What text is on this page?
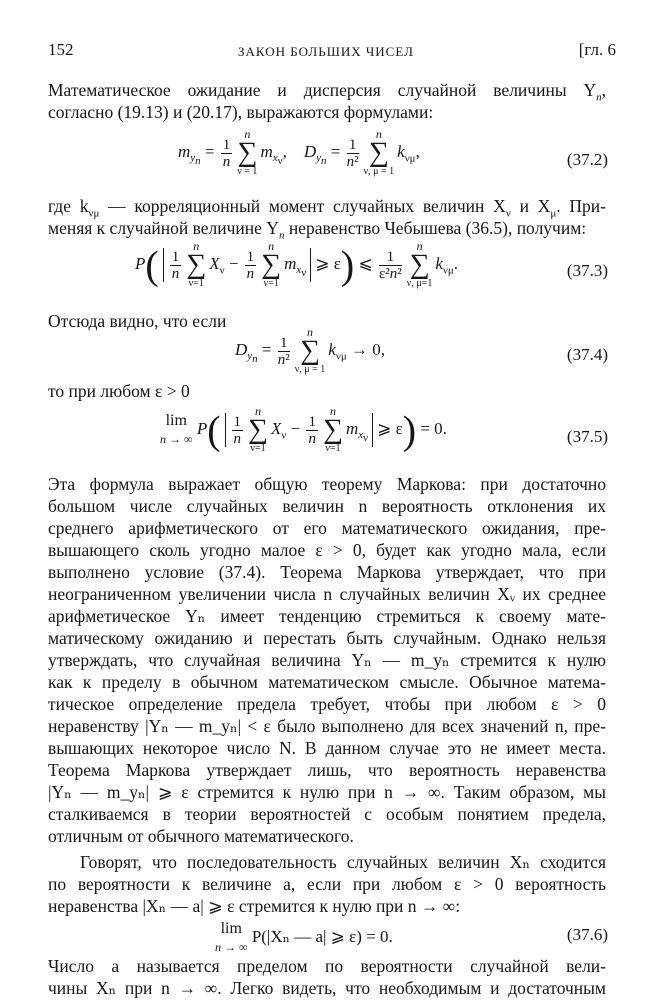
152	ЗАКОН БОЛЬШИХ ЧИСЕЛ	[гл. 6
Математическое ожидание и дисперсия случайной величины $Y_n$,
согласно (19.13) и (20.17), выражаются формулами:
$m_{y_n} = \frac{1}{n}$
n
∑
ν = 1
$m_{x_\nu}$,    $D_{y_n} = \frac{1}{\text{n²}}$
n
∑
ν, μ = 1
$k_{\nu\mu}$,	(37.2)
где $k_{\nu\mu}$ — корреляционный момент случайных величин $X_\nu$ и $X_\mu$. При-
меняя к случайной величине $Y_n$ неравенство Чебышева (36.5), получим:
$P( \frac{1}{n}$
n
∑
ν=1
$X_\nu - \frac{1}{n}$
n
∑
ν=1
$m_{x_\nu}⩾$ ε) ⩽ $\frac{1}{\text{ε²n²}}$
n
∑
ν, μ=1
$k_{\nu\mu}$.	(37.3)
Отсюда видно, что если
$D_{y_n} = \frac{1}{\text{n²}}$
n
∑
ν, μ = 1
$k_{\nu\mu} \to 0$,	(37.4)
то при любом ε > 0
lim
n → ∞ $P( \frac{1}{n}$
n
∑
ν=1
$X_\nu - \frac{1}{n}$
n
∑
ν=1
$m_{x_\nu}⩾$ ε) = 0.	(37.5)
Эта формула выражает общую теорему Маркова: при достаточно
большом числе случайных величин n вероятность отклонения их
среднего арифметического от его математического ожидания, пре-
вышающего сколь угодно малое ε > 0, будет как угодно мала, если
выполнено условие (37.4). Теорема Маркова утверждает, что при
неограниченном увеличении числа n случайных величин Xᵥ их среднее
арифметическое Yₙ имеет тенденцию стремиться к своему мате-
матическому ожиданию и перестать быть случайным. Однако нельзя
утверждать, что случайная величина Yₙ — m_yₙ стремится к нулю
как к пределу в обычном математическом смысле. Обычное матема-
тическое определение предела требует, чтобы при любом ε > 0
неравенству |Yₙ — m_yₙ| < ε было выполнено для всех значений n, пре-
вышающих некоторое число N. В данном случае это не имеет места.
Теорема Маркова утверждает лишь, что вероятность неравенства
|Yₙ — m_yₙ| ⩾ ε стремится к нулю при n → ∞. Таким образом, мы
сталкиваемся в теории вероятностей с особым понятием предела,
отличным от обычного математического.
Говорят, что последовательность случайных величин Xₙ сходится
по вероятности к величине a, если при любом ε > 0 вероятность
неравенства |Xₙ — a| ⩾ ε стремится к нулю при n → ∞:
lim
n → ∞ P(|Xₙ — a| ⩾ ε) = 0.	(37.6)
Число a называется пределом по вероятности случайной вели-
чины Xₙ при n → ∞. Легко видеть, что необходимым и достаточным
